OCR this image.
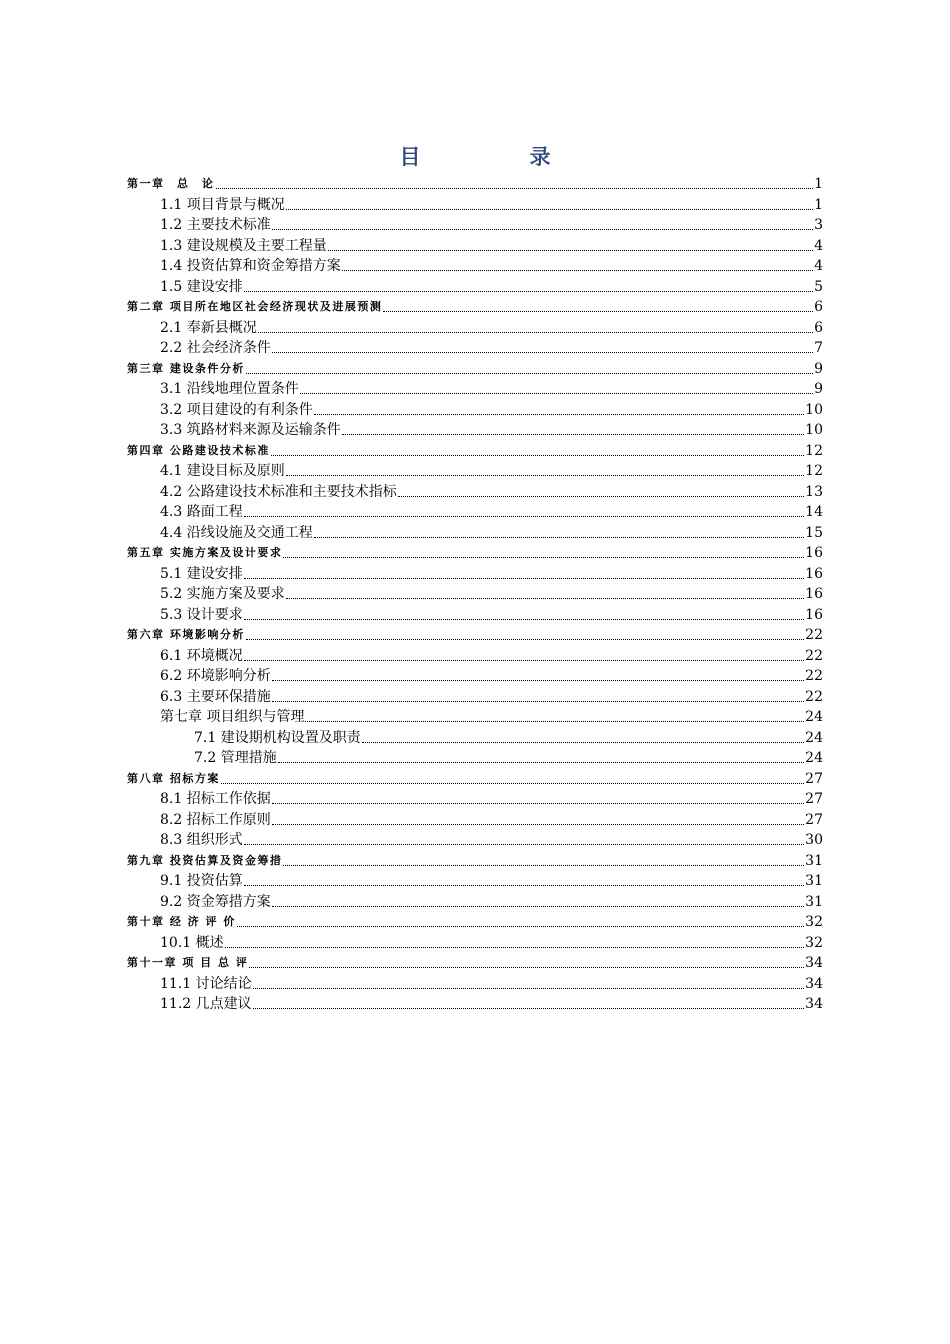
目　录
第一章　总　论	1
1.1 项目背景与概况	1
1.2 主要技术标准	3
1.3 建设规模及主要工程量	4
1.4 投资估算和资金筹措方案	4
1.5 建设安排	5
第二章 项目所在地区社会经济现状及进展预测	6
2.1 奉新县概况	6
2.2 社会经济条件	7
第三章 建设条件分析	9
3.1 沿线地理位置条件	9
3.2 项目建设的有利条件	10
3.3 筑路材料来源及运输条件	10
第四章 公路建设技术标准	12
4.1 建设目标及原则	12
4.2 公路建设技术标准和主要技术指标	13
4.3 路面工程	14
4.4 沿线设施及交通工程	15
第五章 实施方案及设计要求	16
5.1 建设安排	16
5.2 实施方案及要求	16
5.3 设计要求	16
第六章 环境影响分析	22
6.1 环境概况	22
6.2 环境影响分析	22
6.3 主要环保措施	22
第七章 项目组织与管理	24
7.1 建设期机构设置及职责	24
7.2 管理措施	24
第八章 招标方案	27
8.1 招标工作依据	27
8.2 招标工作原则	27
8.3 组织形式	30
第九章 投资估算及资金筹措	31
9.1 投资估算	31
9.2 资金筹措方案	31
第十章 经 济 评 价	32
10.1 概述	32
第十一章 项 目 总 评	34
11.1 讨论结论	34
11.2 几点建议	34
